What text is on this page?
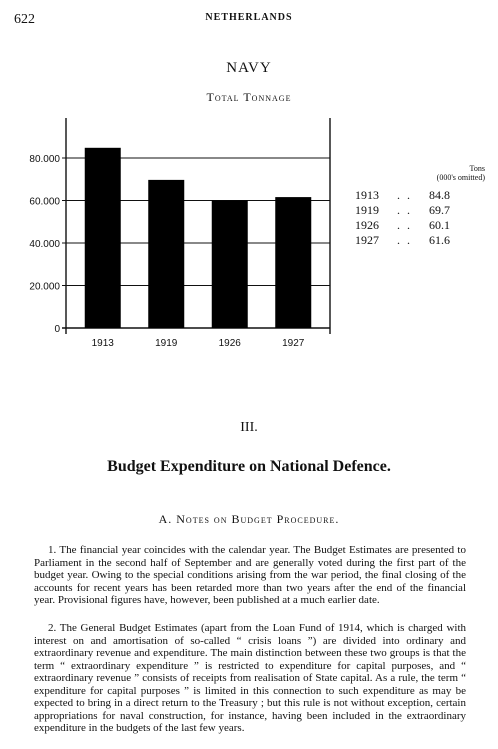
622	NETHERLANDS
NAVY
Total Tonnage
0
20.000
40.000
60.000
80.000
1913	1919	1926	1927
Tons
(000's omitted)
1913	. .	84.8
1919	. .	69.7
1926	. .	60.1
1927	. .	61.6
III.
Budget Expenditure on National Defence.
A. Notes on Budget Procedure.

1. The financial year coincides with the calendar year. The Budget Estimates are presented to Parliament in the second half of September and are generally voted during the first part of the budget year. Owing to the special conditions arising from the war period, the final closing of the accounts for recent years has been retarded more than two years after the end of the financial year. Provisional figures have, however, been published at a much earlier date.

2. The General Budget Estimates (apart from the Loan Fund of 1914, which is charged with interest on and amortisation of so-called “ crisis loans ”) are divided into ordinary and extraordinary revenue and expenditure. The main distinction between these two groups is that the term “ extraordinary expenditure ” is restricted to expenditure for capital purposes, and “ extraordinary revenue ” consists of receipts from realisation of State capital. As a rule, the term “ expenditure for capital purposes ” is limited in this connection to such expenditure as may be expected to bring in a direct return to the Treasury ; but this rule is not without exception, certain appropriations for naval construction, for instance, having been included in the extraordinary expenditure in the budgets of the last few years.
